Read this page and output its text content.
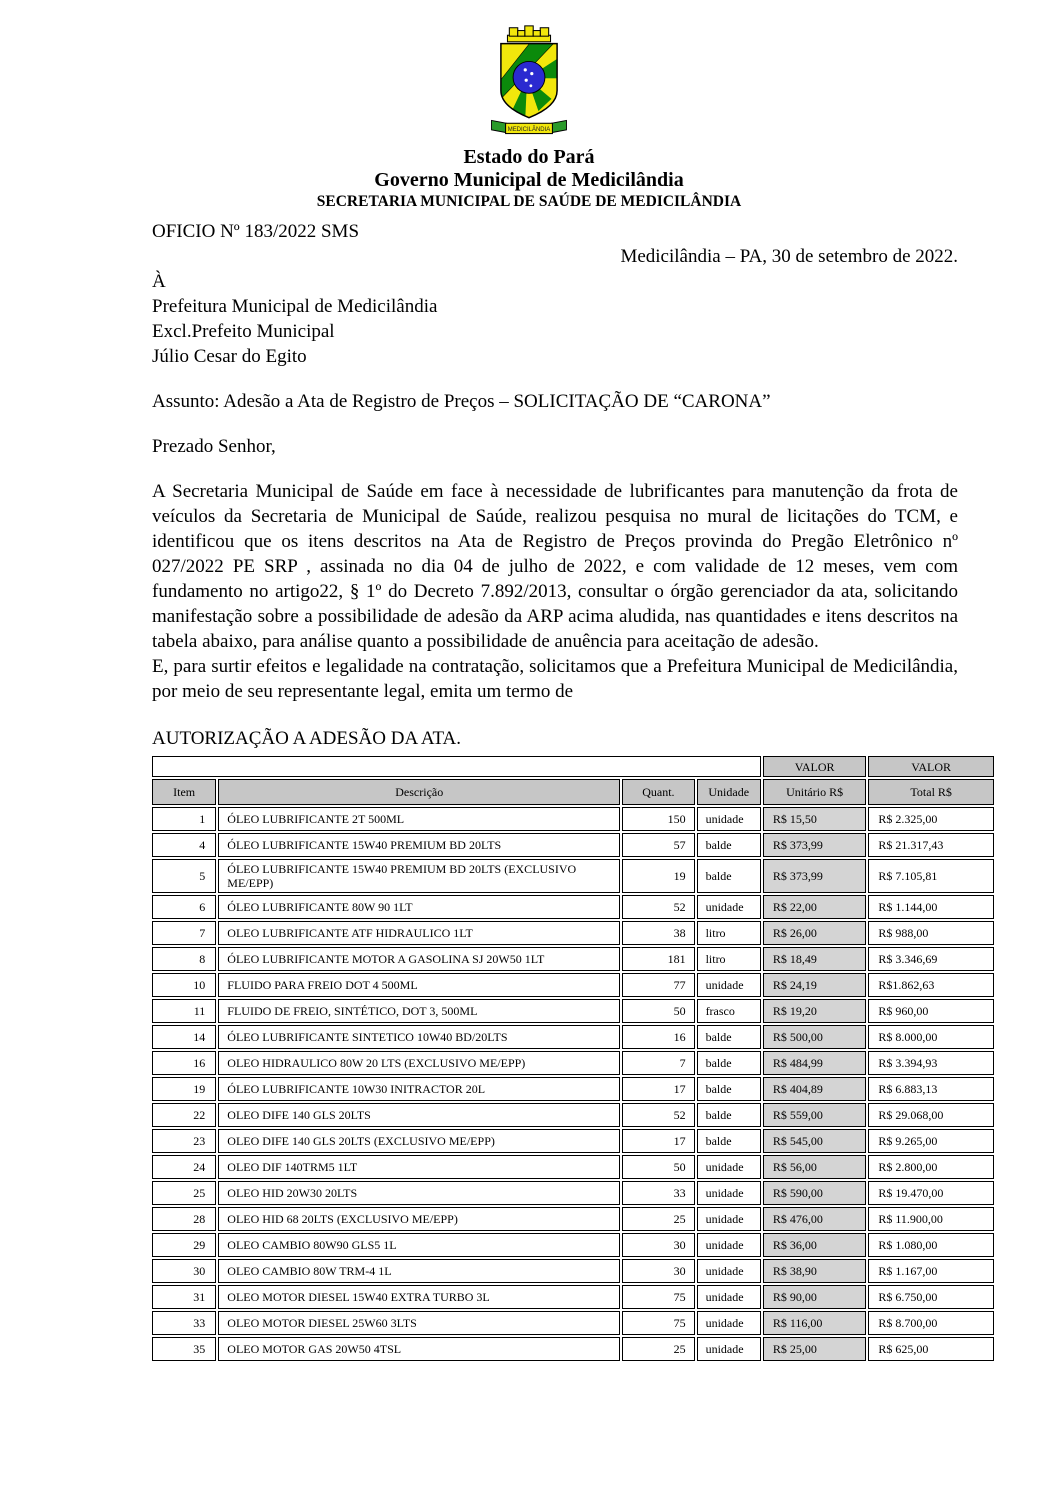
MEDICILÂNDIA
Estado do Pará
Governo Municipal de Medicilândia
SECRETARIA MUNICIPAL DE SAÚDE DE MEDICILÂNDIA
OFICIO Nº 183/2022 SMS
Medicilândia – PA, 30 de setembro de 2022.
À
Prefeitura Municipal de Medicilândia
Excl.Prefeito Municipal
Júlio Cesar do Egito
Assunto: Adesão a Ata de Registro de Preços – SOLICITAÇÃO DE “CARONA”
Prezado Senhor,

A Secretaria Municipal de Saúde em face à necessidade de lubrificantes para manutenção da frota de veículos da Secretaria de Municipal de Saúde, realizou pesquisa no mural de licitações do TCM, e identificou que os itens descritos na Ata de Registro de Preços provinda do Pregão Eletrônico nº 027/2022 PE SRP , assinada no dia 04 de julho de 2022, e com validade de 12 meses, vem com fundamento no artigo22, § 1º do Decreto 7.892/2013, consultar o órgão gerenciador da ata, solicitando manifestação sobre a possibilidade de adesão da ARP acima aludida, nas quantidades e itens descritos na tabela abaixo, para análise quanto a possibilidade de anuência para aceitação de adesão.

E, para surtir efeitos e legalidade na contratação, solicitamos que a Prefeitura Municipal de Medicilândia, por meio de seu representante legal, emita um termo de

AUTORIZAÇÃO A ADESÃO DA ATA.

				VALOR	VALOR
Item	Descrição	Quant.	Unidade	Unitário R$	Total R$
1	ÓLEO LUBRIFICANTE 2T 500ML	150	unidade	R$ 15,50	R$ 2.325,00
4	ÓLEO LUBRIFICANTE 15W40 PREMIUM BD 20LTS	57	balde	R$ 373,99	R$ 21.317,43
5	ÓLEO LUBRIFICANTE 15W40 PREMIUM BD 20LTS (EXCLUSIVO ME/EPP)	19	balde	R$ 373,99	R$ 7.105,81
6	ÓLEO LUBRIFICANTE 80W 90 1LT	52	unidade	R$ 22,00	R$ 1.144,00
7	OLEO LUBRIFICANTE ATF HIDRAULICO 1LT	38	litro	R$ 26,00	R$ 988,00
8	ÓLEO LUBRIFICANTE MOTOR A GASOLINA SJ 20W50 1LT	181	litro	R$ 18,49	R$ 3.346,69
10	FLUIDO PARA FREIO DOT 4 500ML	77	unidade	R$ 24,19	R$1.862,63
11	FLUIDO DE FREIO, SINTÉTICO, DOT 3, 500ML	50	frasco	R$ 19,20	R$ 960,00
14	ÓLEO LUBRIFICANTE SINTETICO 10W40 BD/20LTS	16	balde	R$ 500,00	R$ 8.000,00
16	OLEO HIDRAULICO 80W 20 LTS (EXCLUSIVO ME/EPP)	7	balde	R$ 484,99	R$ 3.394,93
19	ÓLEO LUBRIFICANTE 10W30 INITRACTOR 20L	17	balde	R$ 404,89	R$ 6.883,13
22	OLEO DIFE 140 GLS 20LTS	52	balde	R$ 559,00	R$ 29.068,00
23	OLEO DIFE 140 GLS 20LTS (EXCLUSIVO ME/EPP)	17	balde	R$ 545,00	R$ 9.265,00
24	OLEO DIF 140TRM5 1LT	50	unidade	R$ 56,00	R$ 2.800,00
25	OLEO HID 20W30 20LTS	33	unidade	R$ 590,00	R$ 19.470,00
28	OLEO HID 68 20LTS (EXCLUSIVO ME/EPP)	25	unidade	R$ 476,00	R$ 11.900,00
29	OLEO CAMBIO 80W90 GLS5 1L	30	unidade	R$ 36,00	R$ 1.080,00
30	OLEO CAMBIO 80W TRM-4 1L	30	unidade	R$ 38,90	R$ 1.167,00
31	OLEO MOTOR DIESEL 15W40 EXTRA TURBO 3L	75	unidade	R$ 90,00	R$ 6.750,00
33	OLEO MOTOR DIESEL 25W60 3LTS	75	unidade	R$ 116,00	R$ 8.700,00
35	OLEO MOTOR GAS 20W50 4TSL	25	unidade	R$ 25,00	R$ 625,00
